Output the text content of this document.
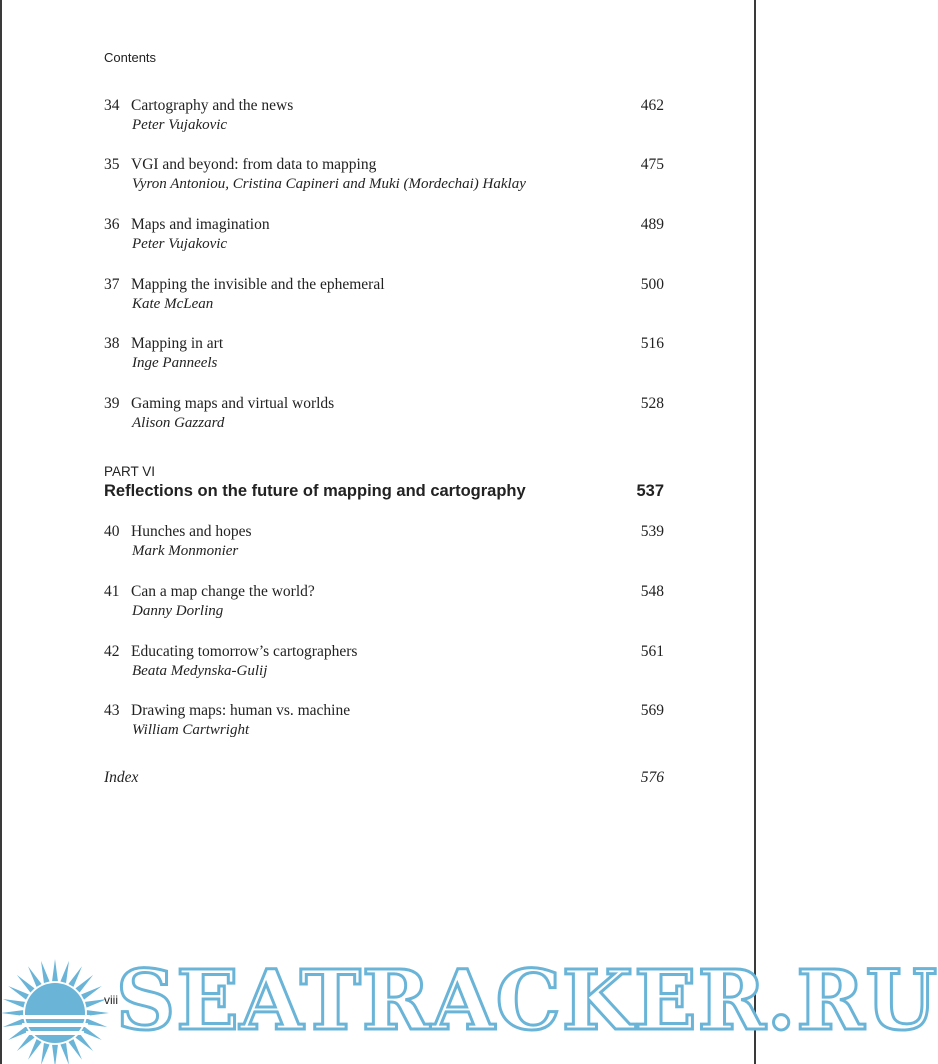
Contents
34 Cartography and the news	462
Peter Vujakovic
35 VGI and beyond: from data to mapping	475
Vyron Antoniou, Cristina Capineri and Muki (Mordechai) Haklay
36 Maps and imagination	489
Peter Vujakovic
37 Mapping the invisible and the ephemeral	500
Kate McLean
38 Mapping in art	516
Inge Panneels
39 Gaming maps and virtual worlds	528
Alison Gazzard
PART VI
Reflections on the future of mapping and cartography	537
40 Hunches and hopes	539
Mark Monmonier
41 Can a map change the world?	548
Danny Dorling
42 Educating tomorrow’s cartographers	561
Beata Medynska-Gulij
43 Drawing maps: human vs. machine	569
William Cartwright
Index	576
SEATRACKER.RU
viii
